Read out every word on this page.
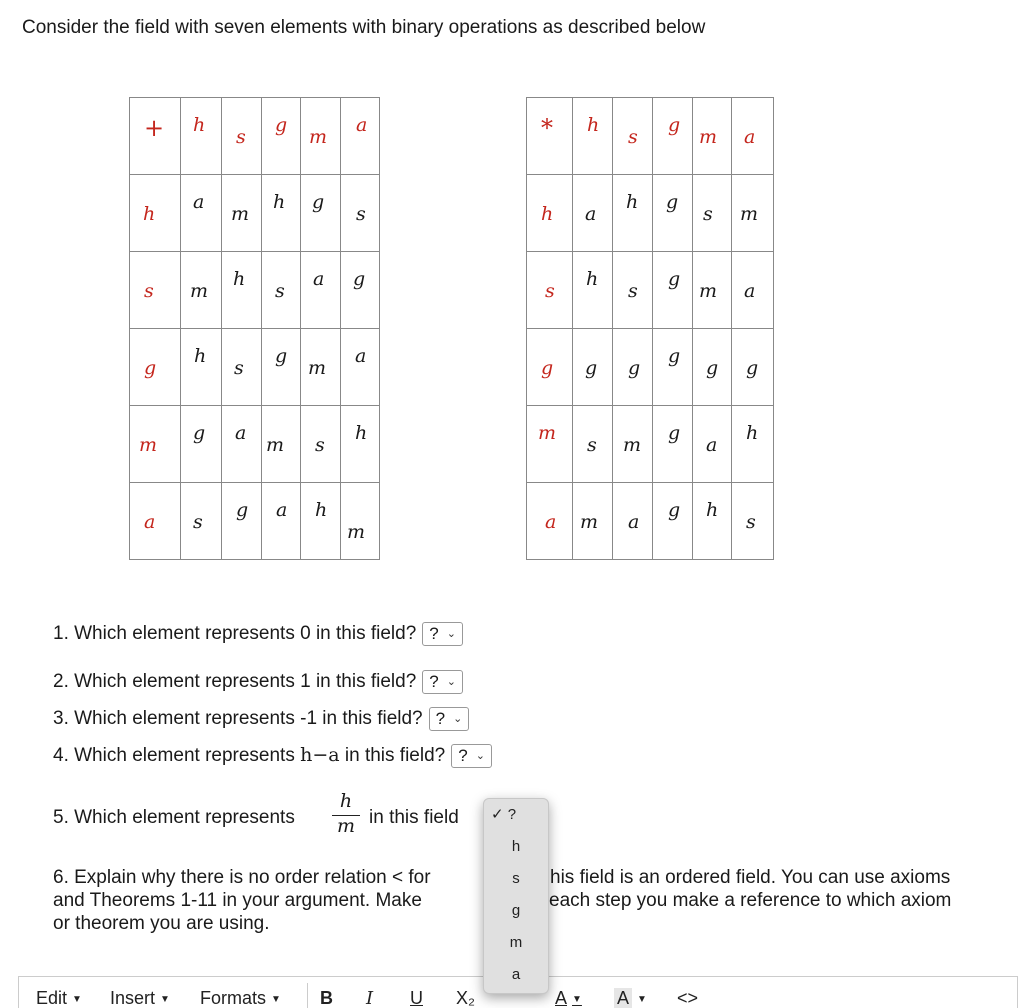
Consider the field with seven elements with binary operations as described below
+	h	s	g	m	a

h	a	m	h	g	s

s	m	h	s	a	g

g	h	s	g	m	a

m	g	a	m	s	h

a	s	g	a	h	m
*	h	s	g	m	a

h	a	h	g	s	m

s	h	s	g	m	a

g	g	g	g	g	g

m	s	m	g	a	h

a	m	a	g	h	s
1. Which element represents 0 in this field? ? ⌄
2. Which element represents 1 in this field? ? ⌄
3. Which element represents -1 in this field? ? ⌄
4. Which element represents h−a in this field? ? ⌄
5. Which element represents
h
m in this field
6. Explain why there is no order relation < for	his field is an ordered field. You can use axioms
and Theorems 1-11 in your argument. Make	each step you make a reference to which axiom
or theorem you are using.
Edit ▼ Insert ▼ Formats ▼ B I U X₂	A ▼ A ▼ <>
✓ ?
h
s
g
m
a
